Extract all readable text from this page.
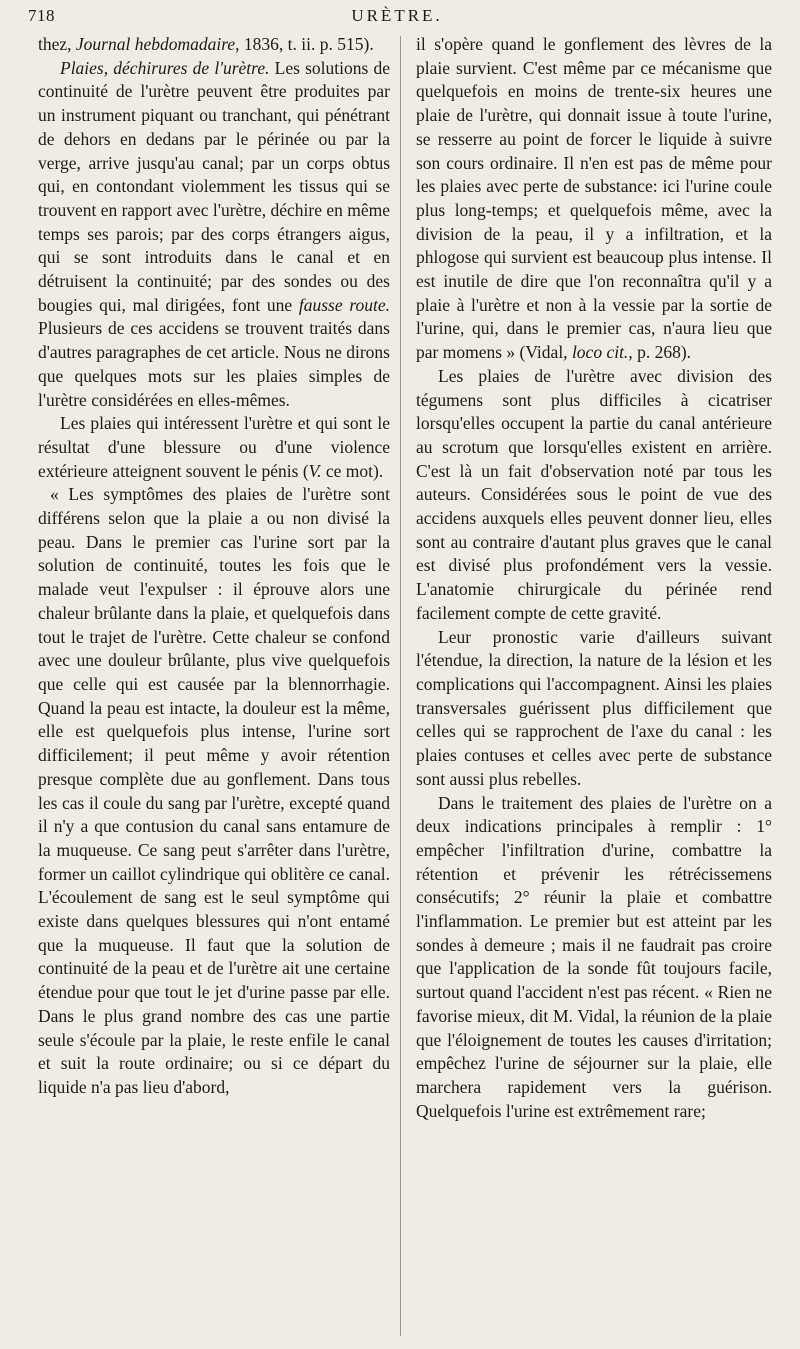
718	URÈTRE.

thez, Journal hebdomadaire, 1836, t. ii. p. 515).

Plaies, déchirures de l'urètre. Les solutions de continuité de l'urètre peuvent être produites par un instrument piquant ou tranchant, qui pénétrant de dehors en dedans par le périnée ou par la verge, arrive jusqu'au canal; par un corps obtus qui, en contondant violemment les tissus qui se trouvent en rapport avec l'urètre, déchire en même temps ses parois; par des corps étrangers aigus, qui se sont introduits dans le canal et en détruisent la continuité; par des sondes ou des bougies qui, mal dirigées, font une fausse route. Plusieurs de ces accidens se trouvent traités dans d'autres paragraphes de cet article. Nous ne dirons que quelques mots sur les plaies simples de l'urètre considérées en elles-mêmes.

Les plaies qui intéressent l'urètre et qui sont le résultat d'une blessure ou d'une violence extérieure atteignent souvent le pénis (V. ce mot).

« Les symptômes des plaies de l'urètre sont différens selon que la plaie a ou non divisé la peau. Dans le premier cas l'urine sort par la solution de continuité, toutes les fois que le malade veut l'expulser : il éprouve alors une chaleur brûlante dans la plaie, et quelquefois dans tout le trajet de l'urètre. Cette chaleur se confond avec une douleur brûlante, plus vive quelquefois que celle qui est causée par la blennorrhagie. Quand la peau est intacte, la douleur est la même, elle est quelquefois plus intense, l'urine sort difficilement; il peut même y avoir rétention presque complète due au gonflement. Dans tous les cas il coule du sang par l'urètre, excepté quand il n'y a que contusion du canal sans entamure de la muqueuse. Ce sang peut s'arrêter dans l'urètre, former un caillot cylindrique qui oblitère ce canal. L'écoulement de sang est le seul symptôme qui existe dans quelques blessures qui n'ont entamé que la muqueuse. Il faut que la solution de continuité de la peau et de l'urètre ait une certaine étendue pour que tout le jet d'urine passe par elle. Dans le plus grand nombre des cas une partie seule s'écoule par la plaie, le reste enfile le canal et suit la route ordinaire; ou si ce départ du liquide n'a pas lieu d'abord,

il s'opère quand le gonflement des lèvres de la plaie survient. C'est même par ce mécanisme que quelquefois en moins de trente-six heures une plaie de l'urètre, qui donnait issue à toute l'urine, se resserre au point de forcer le liquide à suivre son cours ordinaire. Il n'en est pas de même pour les plaies avec perte de substance: ici l'urine coule plus long-temps; et quelquefois même, avec la division de la peau, il y a infiltration, et la phlogose qui survient est beaucoup plus intense. Il est inutile de dire que l'on reconnaîtra qu'il y a plaie à l'urètre et non à la vessie par la sortie de l'urine, qui, dans le premier cas, n'aura lieu que par momens » (Vidal, loco cit., p. 268).

Les plaies de l'urètre avec division des tégumens sont plus difficiles à cicatriser lorsqu'elles occupent la partie du canal antérieure au scrotum que lorsqu'elles existent en arrière. C'est là un fait d'observation noté par tous les auteurs. Considérées sous le point de vue des accidens auxquels elles peuvent donner lieu, elles sont au contraire d'autant plus graves que le canal est divisé plus profondément vers la vessie. L'anatomie chirurgicale du périnée rend facilement compte de cette gravité.

Leur pronostic varie d'ailleurs suivant l'étendue, la direction, la nature de la lésion et les complications qui l'accompagnent. Ainsi les plaies transversales guérissent plus difficilement que celles qui se rapprochent de l'axe du canal : les plaies contuses et celles avec perte de substance sont aussi plus rebelles.

Dans le traitement des plaies de l'urètre on a deux indications principales à remplir : 1° empêcher l'infiltration d'urine, combattre la rétention et prévenir les rétrécissemens consécutifs; 2° réunir la plaie et combattre l'inflammation. Le premier but est atteint par les sondes à demeure ; mais il ne faudrait pas croire que l'application de la sonde fût toujours facile, surtout quand l'accident n'est pas récent. « Rien ne favorise mieux, dit M. Vidal, la réunion de la plaie que l'éloignement de toutes les causes d'irritation; empêchez l'urine de séjourner sur la plaie, elle marchera rapidement vers la guérison. Quelquefois l'urine est extrêmement rare;
